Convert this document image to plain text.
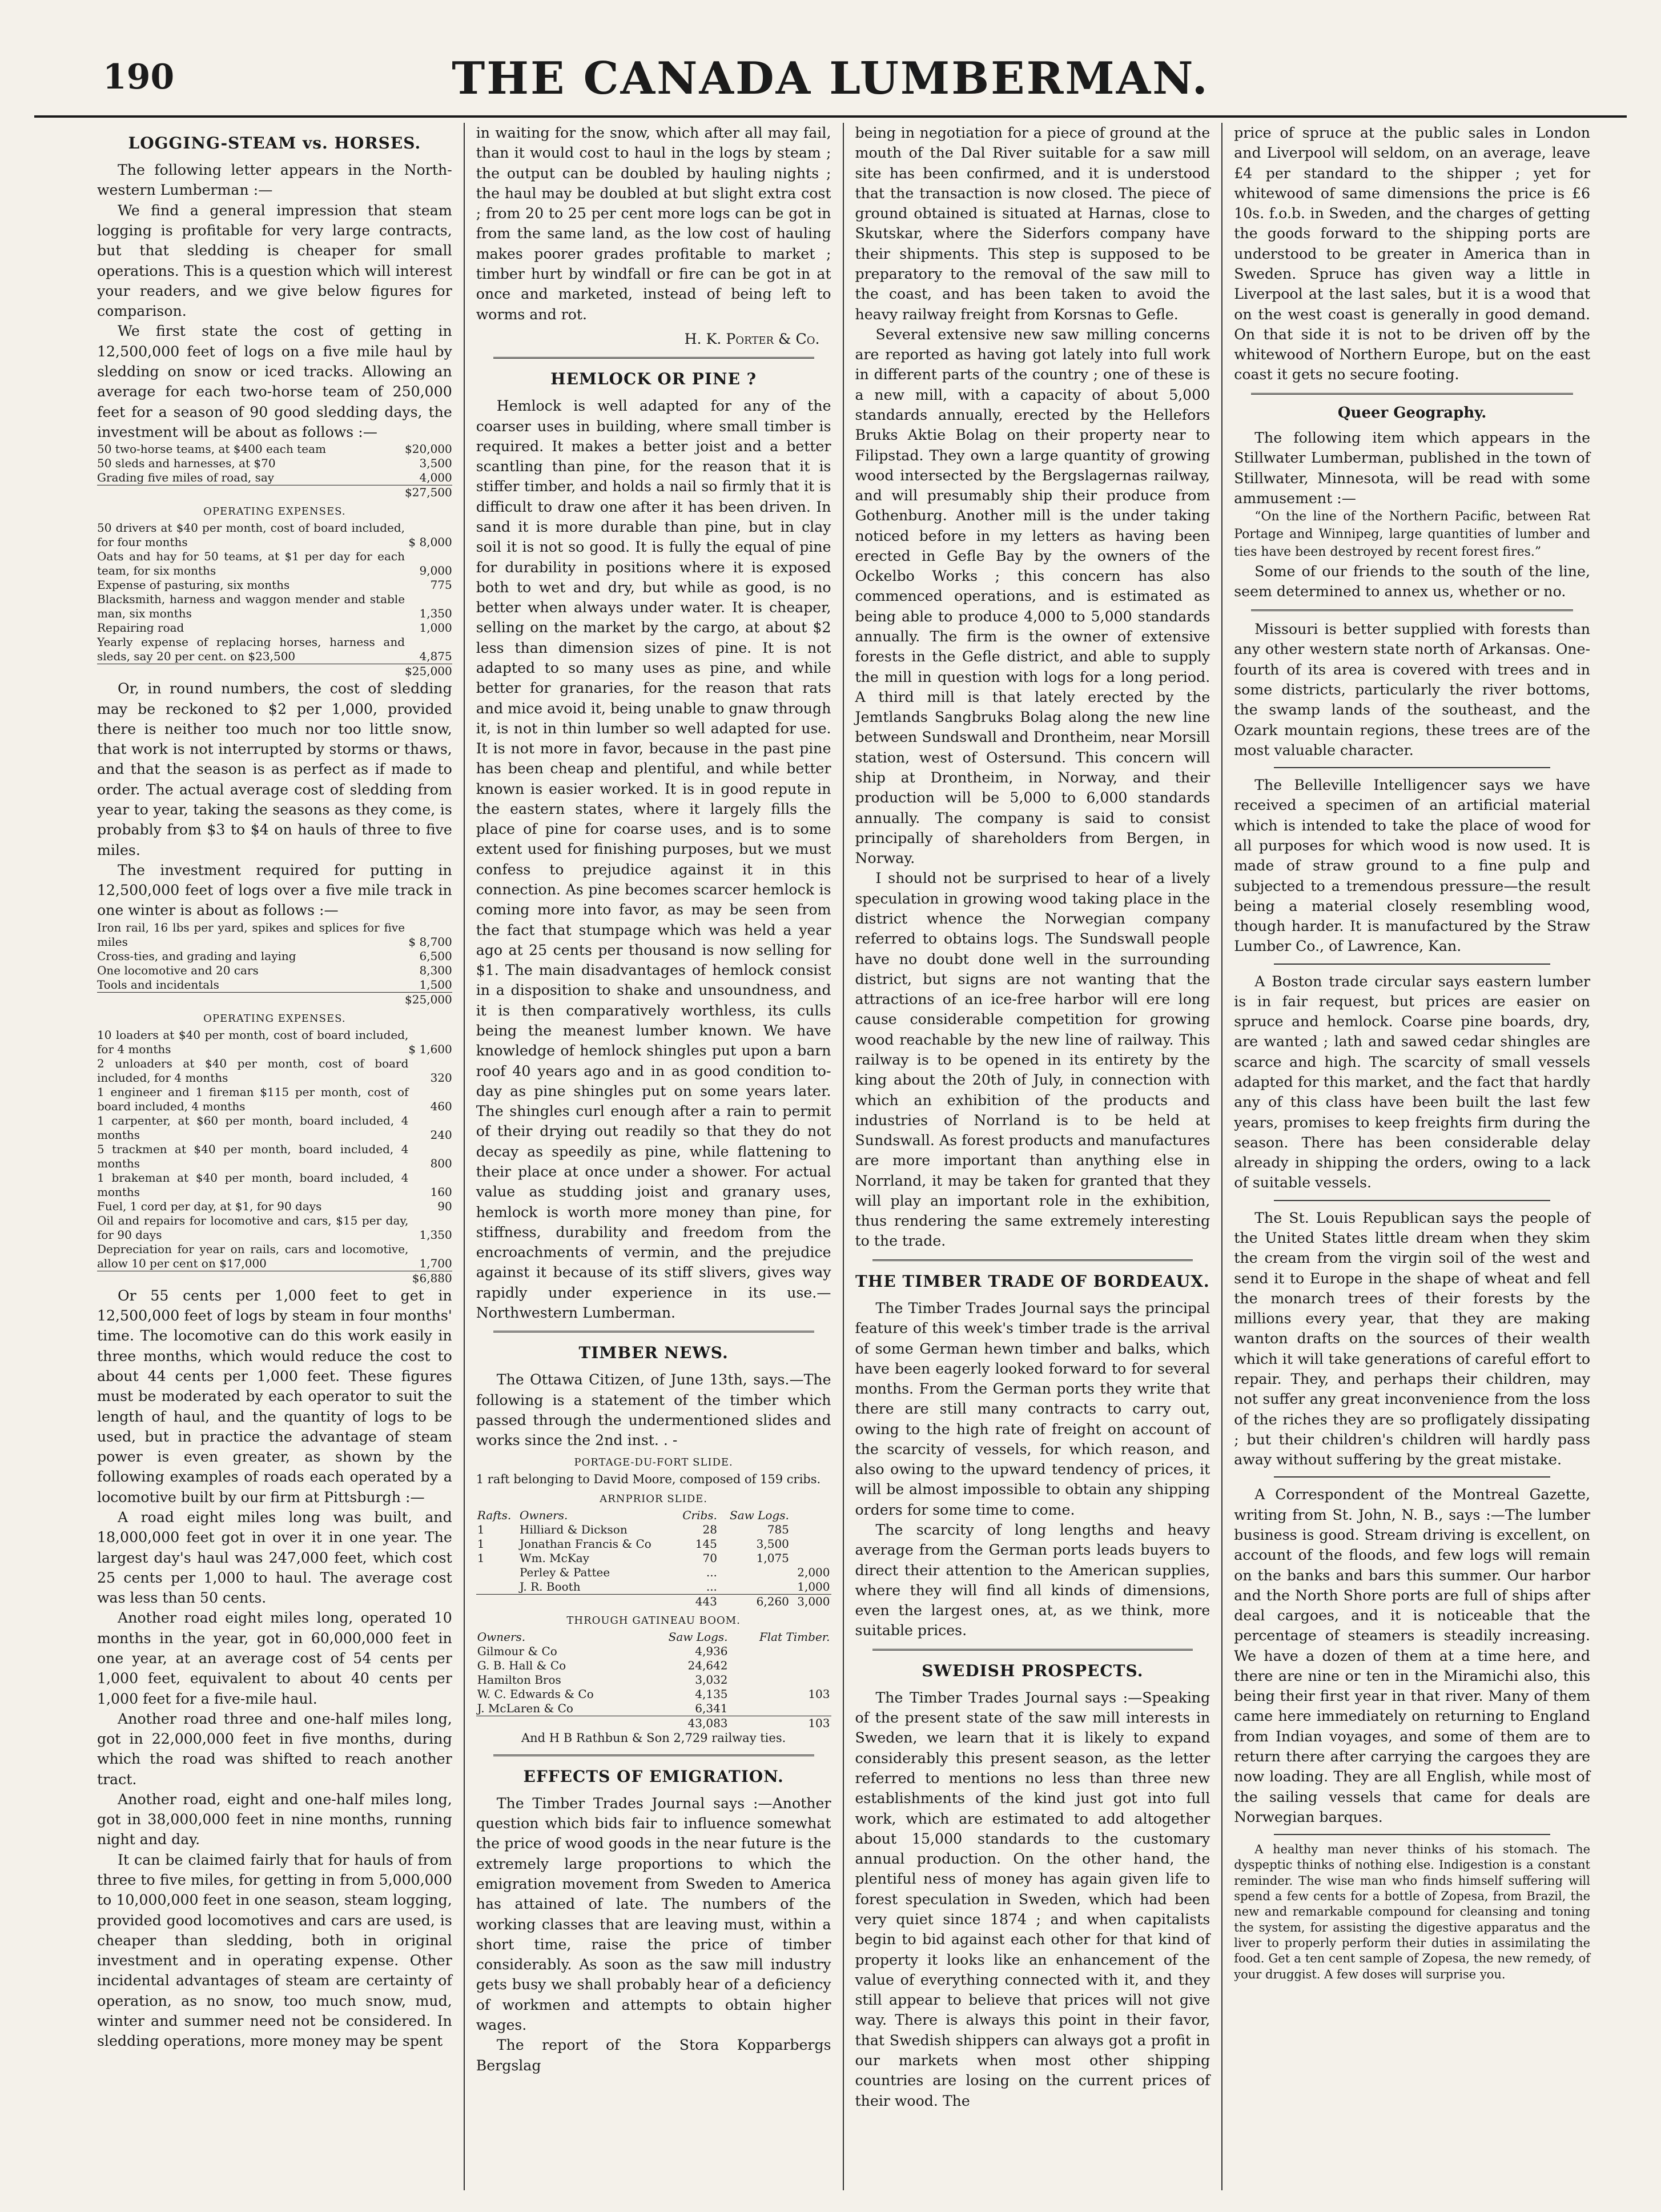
190	THE CANADA LUMBERMAN.
LOGGING-STEAM vs. HORSES.

The following letter appears in the North-western Lumberman :—

We find a general impression that steam logging is profitable for very large contracts, but that sledding is cheaper for small operations. This is a question which will interest your readers, and we give below figures for comparison.

We first state the cost of getting in 12,500,000 feet of logs on a five mile haul by sledding on snow or iced tracks. Allowing an average for each two-horse team of 250,000 feet for a season of 90 good sledding days, the investment will be about as follows :—

50 two-horse teams, at $400 each team	$20,000
50 sleds and harnesses, at $70	3,500
Grading five miles of road, say	4,000
	$27,500
OPERATING EXPENSES.
50 drivers at $40 per month, cost of board included, for four months	$ 8,000
Oats and hay for 50 teams, at $1 per day for each team, for six months	9,000
Expense of pasturing, six months	775
Blacksmith, harness and waggon mender and stable man, six months	1,350
Repairing road	1,000
Yearly expense of replacing horses, harness and sleds, say 20 per cent. on $23,500	4,875
	$25,000

Or, in round numbers, the cost of sledding may be reckoned to $2 per 1,000, provided there is neither too much nor too little snow, that work is not interrupted by storms or thaws, and that the season is as perfect as if made to order. The actual average cost of sledding from year to year, taking the seasons as they come, is probably from $3 to $4 on hauls of three to five miles.

The investment required for putting in 12,500,000 feet of logs over a five mile track in one winter is about as follows :—

Iron rail, 16 lbs per yard, spikes and splices for five miles	$ 8,700
Cross-ties, and grading and laying	6,500
One locomotive and 20 cars	8,300
Tools and incidentals	1,500
	$25,000
OPERATING EXPENSES.
10 loaders at $40 per month, cost of board included, for 4 months	$ 1,600
2 unloaders at $40 per month, cost of board included, for 4 months	320
1 engineer and 1 fireman $115 per month, cost of board included, 4 months	460
1 carpenter, at $60 per month, board included, 4 months	240
5 trackmen at $40 per month, board included, 4 months	800
1 brakeman at $40 per month, board included, 4 months	160
Fuel, 1 cord per day, at $1, for 90 days	90
Oil and repairs for locomotive and cars, $15 per day, for 90 days	1,350
Depreciation for year on rails, cars and locomotive, allow 10 per cent on $17,000	1,700
	$6,880

Or 55 cents per 1,000 feet to get in 12,500,000 feet of logs by steam in four months' time. The locomotive can do this work easily in three months, which would reduce the cost to about 44 cents per 1,000 feet. These figures must be moderated by each operator to suit the length of haul, and the quantity of logs to be used, but in practice the advantage of steam power is even greater, as shown by the following examples of roads each operated by a locomotive built by our firm at Pittsburgh :—

A road eight miles long was built, and 18,000,000 feet got in over it in one year. The largest day's haul was 247,000 feet, which cost 25 cents per 1,000 to haul. The average cost was less than 50 cents.

Another road eight miles long, operated 10 months in the year, got in 60,000,000 feet in one year, at an average cost of 54 cents per 1,000 feet, equivalent to about 40 cents per 1,000 feet for a five-mile haul.

Another road three and one-half miles long, got in 22,000,000 feet in five months, during which the road was shifted to reach another tract.

Another road, eight and one-half miles long, got in 38,000,000 feet in nine months, running night and day.

It can be claimed fairly that for hauls of from three to five miles, for getting in from 5,000,000 to 10,000,000 feet in one season, steam logging, provided good locomotives and cars are used, is cheaper than sledding, both in original investment and in operating expense. Other incidental advantages of steam are certainty of operation, as no snow, too much snow, mud, winter and summer need not be considered. In sledding operations, more money may be spent

in waiting for the snow, which after all may fail, than it would cost to haul in the logs by steam ; the output can be doubled by hauling nights ; the haul may be doubled at but slight extra cost ; from 20 to 25 per cent more logs can be got in from the same land, as the low cost of hauling makes poorer grades profitable to market ; timber hurt by windfall or fire can be got in at once and marketed, instead of being left to worms and rot.

H. K. Porter & Co.
HEMLOCK OR PINE ?

Hemlock is well adapted for any of the coarser uses in building, where small timber is required. It makes a better joist and a better scantling than pine, for the reason that it is stiffer timber, and holds a nail so firmly that it is difficult to draw one after it has been driven. In sand it is more durable than pine, but in clay soil it is not so good. It is fully the equal of pine for durability in positions where it is exposed both to wet and dry, but while as good, is no better when always under water. It is cheaper, selling on the market by the cargo, at about $2 less than dimension sizes of pine. It is not adapted to so many uses as pine, and while better for granaries, for the reason that rats and mice avoid it, being unable to gnaw through it, is not in thin lumber so well adapted for use. It is not more in favor, because in the past pine has been cheap and plentiful, and while better known is easier worked. It is in good repute in the eastern states, where it largely fills the place of pine for coarse uses, and is to some extent used for finishing purposes, but we must confess to prejudice against it in this connection. As pine becomes scarcer hemlock is coming more into favor, as may be seen from the fact that stumpage which was held a year ago at 25 cents per thousand is now selling for $1. The main disadvantages of hemlock consist in a disposition to shake and unsoundness, and it is then comparatively worthless, its culls being the meanest lumber known. We have knowledge of hemlock shingles put upon a barn roof 40 years ago and in as good condition to-day as pine shingles put on some years later. The shingles curl enough after a rain to permit of their drying out readily so that they do not decay as speedily as pine, while flattening to their place at once under a shower. For actual value as studding joist and granary uses, hemlock is worth more money than pine, for stiffness, durability and freedom from the encroachments of vermin, and the prejudice against it because of its stiff slivers, gives way rapidly under experience in its use.—Northwestern Lumberman.

TIMBER NEWS.

The Ottawa Citizen, of June 13th, says.—The following is a statement of the timber which passed through the undermentioned slides and works since the 2nd inst. . -

PORTAGE-DU-FORT SLIDE.
1 raft belonging to David Moore, composed of 159 cribs.
ARNPRIOR SLIDE.
Rafts.	Owners.	Cribs.	Saw Logs.	
1	Hilliard & Dickson	28	785	
1	Jonathan Francis & Co	145	3,500	
1	Wm. McKay	70	1,075	
	Perley & Pattee	...		2,000
	J. R. Booth	...		1,000
		443	6,260	3,000
THROUGH GATINEAU BOOM.
Owners.	Saw Logs.	Flat Timber.
Gilmour & Co	4,936	
G. B. Hall & Co	24,642	
Hamilton Bros	3,032	
W. C. Edwards & Co	4,135	103
J. McLaren & Co	6,341	
	43,083	103
And H B Rathbun & Son 2,729 railway ties.
EFFECTS OF EMIGRATION.

The Timber Trades Journal says :—Another question which bids fair to influence somewhat the price of wood goods in the near future is the extremely large proportions to which the emigration movement from Sweden to America has attained of late. The numbers of the working classes that are leaving must, within a short time, raise the price of timber considerably. As soon as the saw mill industry gets busy we shall probably hear of a deficiency of workmen and attempts to obtain higher wages.

The report of the Stora Kopparbergs Bergslag

being in negotiation for a piece of ground at the mouth of the Dal River suitable for a saw mill site has been confirmed, and it is understood that the transaction is now closed. The piece of ground obtained is situated at Harnas, close to Skutskar, where the Siderfors company have their shipments. This step is supposed to be preparatory to the removal of the saw mill to the coast, and has been taken to avoid the heavy railway freight from Korsnas to Gefle.

Several extensive new saw milling concerns are reported as having got lately into full work in different parts of the country ; one of these is a new mill, with a capacity of about 5,000 standards annually, erected by the Hellefors Bruks Aktie Bolag on their property near to Filipstad. They own a large quantity of growing wood intersected by the Bergslagernas railway, and will presumably ship their produce from Gothenburg. Another mill is the under taking noticed before in my letters as having been erected in Gefle Bay by the owners of the Ockelbo Works ; this concern has also commenced operations, and is estimated as being able to produce 4,000 to 5,000 standards annually. The firm is the owner of extensive forests in the Gefle district, and able to supply the mill in question with logs for a long period. A third mill is that lately erected by the Jemtlands Sangbruks Bolag along the new line between Sundswall and Drontheim, near Morsill station, west of Ostersund. This concern will ship at Drontheim, in Norway, and their production will be 5,000 to 6,000 standards annually. The company is said to consist principally of shareholders from Bergen, in Norway.

I should not be surprised to hear of a lively speculation in growing wood taking place in the district whence the Norwegian company referred to obtains logs. The Sundswall people have no doubt done well in the surrounding district, but signs are not wanting that the attractions of an ice-free harbor will ere long cause considerable competition for growing wood reachable by the new line of railway. This railway is to be opened in its entirety by the king about the 20th of July, in connection with which an exhibition of the products and industries of Norrland is to be held at Sundswall. As forest products and manufactures are more important than anything else in Norrland, it may be taken for granted that they will play an important role in the exhibition, thus rendering the same extremely interesting to the trade.

THE TIMBER TRADE OF BORDEAUX.

The Timber Trades Journal says the principal feature of this week's timber trade is the arrival of some German hewn timber and balks, which have been eagerly looked forward to for several months. From the German ports they write that there are still many contracts to carry out, owing to the high rate of freight on account of the scarcity of vessels, for which reason, and also owing to the upward tendency of prices, it will be almost impossible to obtain any shipping orders for some time to come.

The scarcity of long lengths and heavy average from the German ports leads buyers to direct their attention to the American supplies, where they will find all kinds of dimensions, even the largest ones, at, as we think, more suitable prices.

SWEDISH PROSPECTS.

The Timber Trades Journal says :—Speaking of the present state of the saw mill interests in Sweden, we learn that it is likely to expand considerably this present season, as the letter referred to mentions no less than three new establishments of the kind just got into full work, which are estimated to add altogether about 15,000 standards to the customary annual production. On the other hand, the plentiful ness of money has again given life to forest speculation in Sweden, which had been very quiet since 1874 ; and when capitalists begin to bid against each other for that kind of property it looks like an enhancement of the value of everything connected with it, and they still appear to believe that prices will not give way. There is always this point in their favor, that Swedish shippers can always got a profit in our markets when most other shipping countries are losing on the current prices of their wood. The

price of spruce at the public sales in London and Liverpool will seldom, on an average, leave £4 per standard to the shipper ; yet for whitewood of same dimensions the price is £6 10s. f.o.b. in Sweden, and the charges of getting the goods forward to the shipping ports are understood to be greater in America than in Sweden. Spruce has given way a little in Liverpool at the last sales, but it is a wood that on the west coast is generally in good demand. On that side it is not to be driven off by the whitewood of Northern Europe, but on the east coast it gets no secure footing.

Queer Geography.

The following item which appears in the Stillwater Lumberman, published in the town of Stillwater, Minnesota, will be read with some ammusement :—

“On the line of the Northern Pacific, between Rat Portage and Winnipeg, large quantities of lumber and ties have been destroyed by recent forest fires.”

Some of our friends to the south of the line, seem determined to annex us, whether or no.

Missouri is better supplied with forests than any other western state north of Arkansas. One-fourth of its area is covered with trees and in some districts, particularly the river bottoms, the swamp lands of the southeast, and the Ozark mountain regions, these trees are of the most valuable character.

The Belleville Intelligencer says we have received a specimen of an artificial material which is intended to take the place of wood for all purposes for which wood is now used. It is made of straw ground to a fine pulp and subjected to a tremendous pressure—the result being a material closely resembling wood, though harder. It is manufactured by the Straw Lumber Co., of Lawrence, Kan.

A Boston trade circular says eastern lumber is in fair request, but prices are easier on spruce and hemlock. Coarse pine boards, dry, are wanted ; lath and sawed cedar shingles are scarce and high. The scarcity of small vessels adapted for this market, and the fact that hardly any of this class have been built the last few years, promises to keep freights firm during the season. There has been considerable delay already in shipping the orders, owing to a lack of suitable vessels.

The St. Louis Republican says the people of the United States little dream when they skim the cream from the virgin soil of the west and send it to Europe in the shape of wheat and fell the monarch trees of their forests by the millions every year, that they are making wanton drafts on the sources of their wealth which it will take generations of careful effort to repair. They, and perhaps their children, may not suffer any great inconvenience from the loss of the riches they are so profligately dissipating ; but their children's children will hardly pass away without suffering by the great mistake.

A Correspondent of the Montreal Gazette, writing from St. John, N. B., says :—The lumber business is good. Stream driving is excellent, on account of the floods, and few logs will remain on the banks and bars this summer. Our harbor and the North Shore ports are full of ships after deal cargoes, and it is noticeable that the percentage of steamers is steadily increasing. We have a dozen of them at a time here, and there are nine or ten in the Miramichi also, this being their first year in that river. Many of them came here immediately on returning to England from Indian voyages, and some of them are to return there after carrying the cargoes they are now loading. They are all English, while most of the sailing vessels that came for deals are Norwegian barques.

A healthy man never thinks of his stomach. The dyspeptic thinks of nothing else. Indigestion is a constant reminder. The wise man who finds himself suffering will spend a few cents for a bottle of Zopesa, from Brazil, the new and remarkable compound for cleansing and toning the system, for assisting the digestive apparatus and the liver to properly perform their duties in assimilating the food. Get a ten cent sample of Zopesa, the new remedy, of your druggist. A few doses will surprise you.
